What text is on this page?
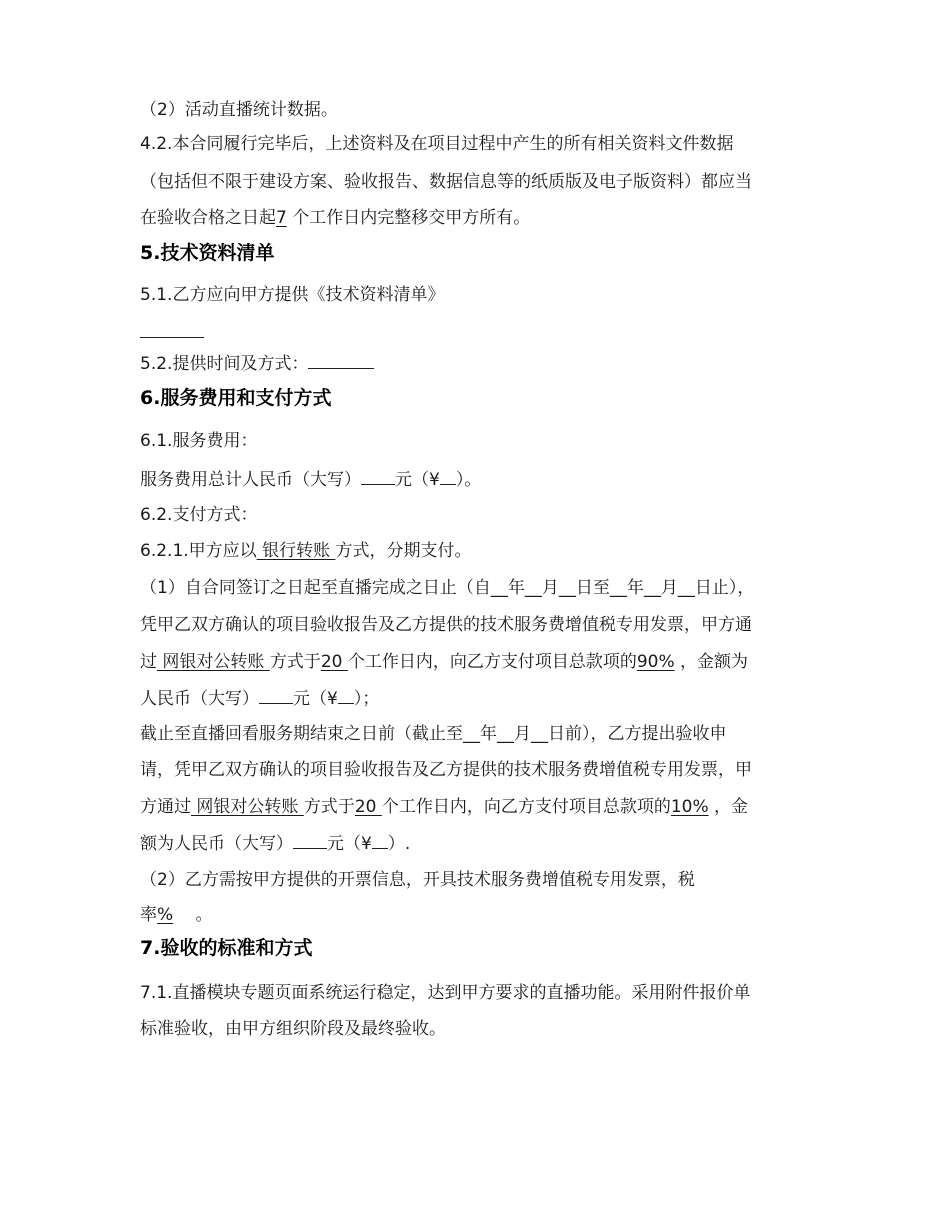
（2）活动直播统计数据。
4.2.本合同履行完毕后，上述资料及在项目过程中产生的所有相关资料文件数据
（包括但不限于建设方案、验收报告、数据信息等的纸质版及电子版资料）都应当
在验收合格之日起7 个工作日内完整移交甲方所有。
5.技术资料清单
5.1.乙方应向甲方提供《技术资料清单》
5.2.提供时间及方式：
6.服务费用和支付方式
6.1.服务费用：
服务费用总计人民币（大写） 元（¥ ）。
6.2.支付方式：
6.2.1.甲方应以 银行转账 方式，分期支付。
（1）自合同签订之日起至直播完成之日止（自__年__月__日至__年__月__日止），
凭甲乙双方确认的项目验收报告及乙方提供的技术服务费增值税专用发票，甲方通
过 网银对公转账 方式于20 个工作日内，向乙方支付项目总款项的90% ，金额为
人民币（大写） 元（¥ ）；
截止至直播回看服务期结束之日前（截止至__年__月__日前），乙方提出验收申
请，凭甲乙双方确认的项目验收报告及乙方提供的技术服务费增值税专用发票，甲
方通过 网银对公转账 方式于20 个工作日内，向乙方支付项目总款项的10% ，金
额为人民币（大写） 元（¥ ）.
（2）乙方需按甲方提供的开票信息，开具技术服务费增值税专用发票，税
率%　 。
7.验收的标准和方式
7.1.直播模块专题页面系统运行稳定，达到甲方要求的直播功能。采用附件报价单
标准验收，由甲方组织阶段及最终验收。
